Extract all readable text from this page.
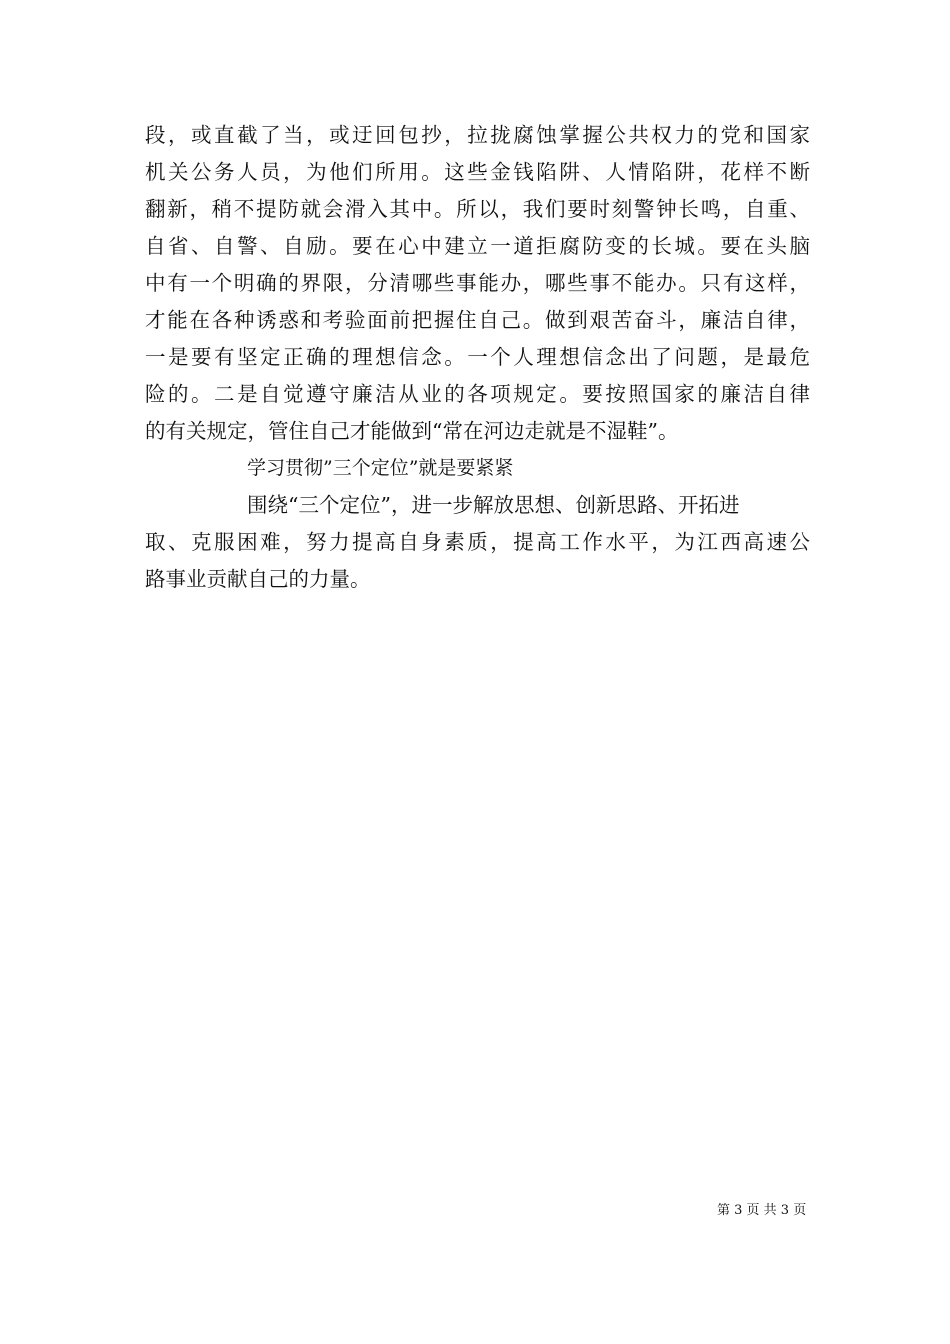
段，或直截了当，或迂回包抄，拉拢腐蚀掌握公共权力的党和国家
机关公务人员，为他们所用。这些金钱陷阱、人情陷阱，花样不断
翻新，稍不提防就会滑入其中。所以，我们要时刻警钟长鸣，自重、
自省、自警、自励。要在心中建立一道拒腐防变的长城。要在头脑
中有一个明确的界限，分清哪些事能办，哪些事不能办。只有这样，
才能在各种诱惑和考验面前把握住自己。做到艰苦奋斗，廉洁自律，
一是要有坚定正确的理想信念。一个人理想信念出了问题，是最危
险的。二是自觉遵守廉洁从业的各项规定。要按照国家的廉洁自律
的有关规定，管住自己才能做到“常在河边走就是不湿鞋”。
学习贯彻”三个定位”就是要紧紧
围绕“三个定位”，进一步解放思想、创新思路、开拓进
取、克服困难，努力提高自身素质，提高工作水平，为江西高速公
路事业贡献自己的力量。
第 3 页 共 3 页
